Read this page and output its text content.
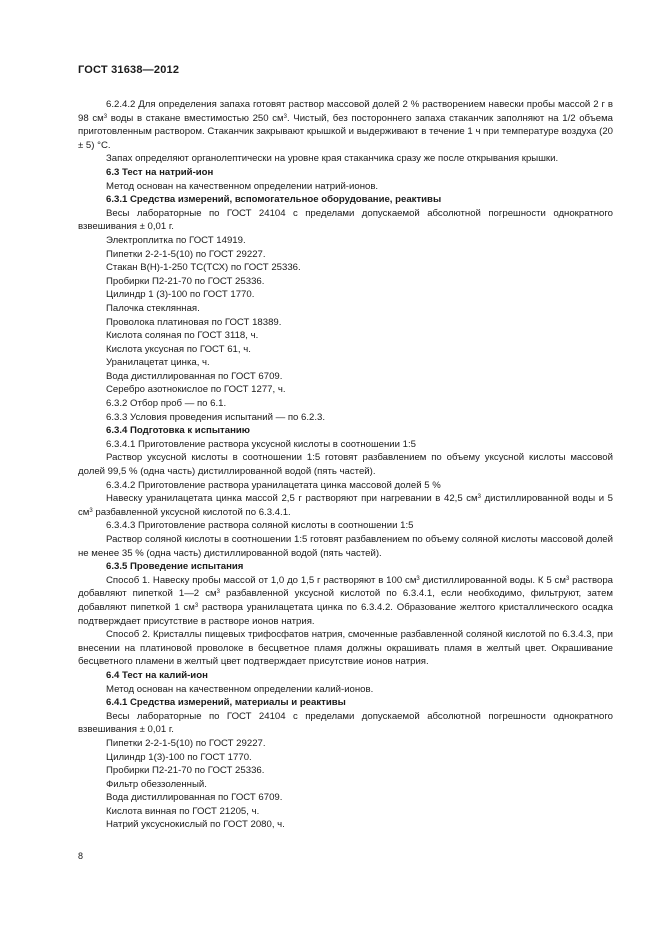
ГОСТ 31638—2012

6.2.4.2 Для определения запаха готовят раствор массовой долей 2 % растворением навески пробы массой 2 г в 98 $см^3$ воды в стакане вместимостью 250 $см^3$. Чистый, без постороннего запаха стаканчик заполняют на 1/2 объема приготовленным раствором. Стаканчик закрывают крышкой и выдерживают в течение 1 ч при температуре воздуха (20 ± 5) °С.

Запах определяют органолептически на уровне края стаканчика сразу же после открывания крышки.

6.3 Тест на натрий-ион

Метод основан на качественном определении натрий-ионов.

6.3.1 Средства измерений, вспомогательное оборудование, реактивы

Весы лабораторные по ГОСТ 24104 с пределами допускаемой абсолютной погрешности однократного взвешивания ± 0,01 г.

Электроплитка по ГОСТ 14919.

Пипетки 2-2-1-5(10) по ГОСТ 29227.

Стакан В(Н)-1-250 ТС(ТСХ) по ГОСТ 25336.

Пробирки П2-21-70 по ГОСТ 25336.

Цилиндр 1 (3)-100 по ГОСТ 1770.

Палочка стеклянная.

Проволока платиновая по ГОСТ 18389.

Кислота соляная по ГОСТ 3118, ч.

Кислота уксусная по ГОСТ 61, ч.

Уранилацетат цинка, ч.

Вода дистиллированная по ГОСТ 6709.

Серебро азотнокислое по ГОСТ 1277, ч.

6.3.2 Отбор проб — по 6.1.

6.3.3 Условия проведения испытаний — по 6.2.3.

6.3.4 Подготовка к испытанию

6.3.4.1 Приготовление раствора уксусной кислоты в соотношении 1:5

Раствор уксусной кислоты в соотношении 1:5 готовят разбавлением по объему уксусной кислоты массовой долей 99,5 % (одна часть) дистиллированной водой (пять частей).

6.3.4.2 Приготовление раствора уранилацетата цинка массовой долей 5 %

Навеску уранилацетата цинка массой 2,5 г растворяют при нагревании в 42,5 $см^3$ дистиллированной воды и 5 $см^3$ разбавленной уксусной кислотой по 6.3.4.1.

6.3.4.3 Приготовление раствора соляной кислоты в соотношении 1:5

Раствор соляной кислоты в соотношении 1:5 готовят разбавлением по объему соляной кислоты массовой долей не менее 35 % (одна часть) дистиллированной водой (пять частей).

6.3.5 Проведение испытания

Способ 1. Навеску пробы массой от 1,0 до 1,5 г растворяют в 100 $см^3$ дистиллированной воды. К 5 $см^3$ раствора добавляют пипеткой 1—2 $см^3$ разбавленной уксусной кислотой по 6.3.4.1, если необходимо, фильтруют, затем добавляют пипеткой 1 $см^3$ раствора уранилацетата цинка по 6.3.4.2. Образование желтого кристаллического осадка подтверждает присутствие в растворе ионов натрия.

Способ 2. Кристаллы пищевых трифосфатов натрия, смоченные разбавленной соляной кислотой по 6.3.4.3, при внесении на платиновой проволоке в бесцветное пламя должны окрашивать пламя в желтый цвет. Окрашивание бесцветного пламени в желтый цвет подтверждает присутствие ионов натрия.

6.4 Тест на калий-ион

Метод основан на качественном определении калий-ионов.

6.4.1 Средства измерений, материалы и реактивы

Весы лабораторные по ГОСТ 24104 с пределами допускаемой абсолютной погрешности однократного взвешивания ± 0,01 г.

Пипетки 2-2-1-5(10) по ГОСТ 29227.

Цилиндр 1(3)-100 по ГОСТ 1770.

Пробирки П2-21-70 по ГОСТ 25336.

Фильтр обеззоленный.

Вода дистиллированная по ГОСТ 6709.

Кислота винная по ГОСТ 21205, ч.

Натрий уксуснокислый по ГОСТ 2080, ч.

8
